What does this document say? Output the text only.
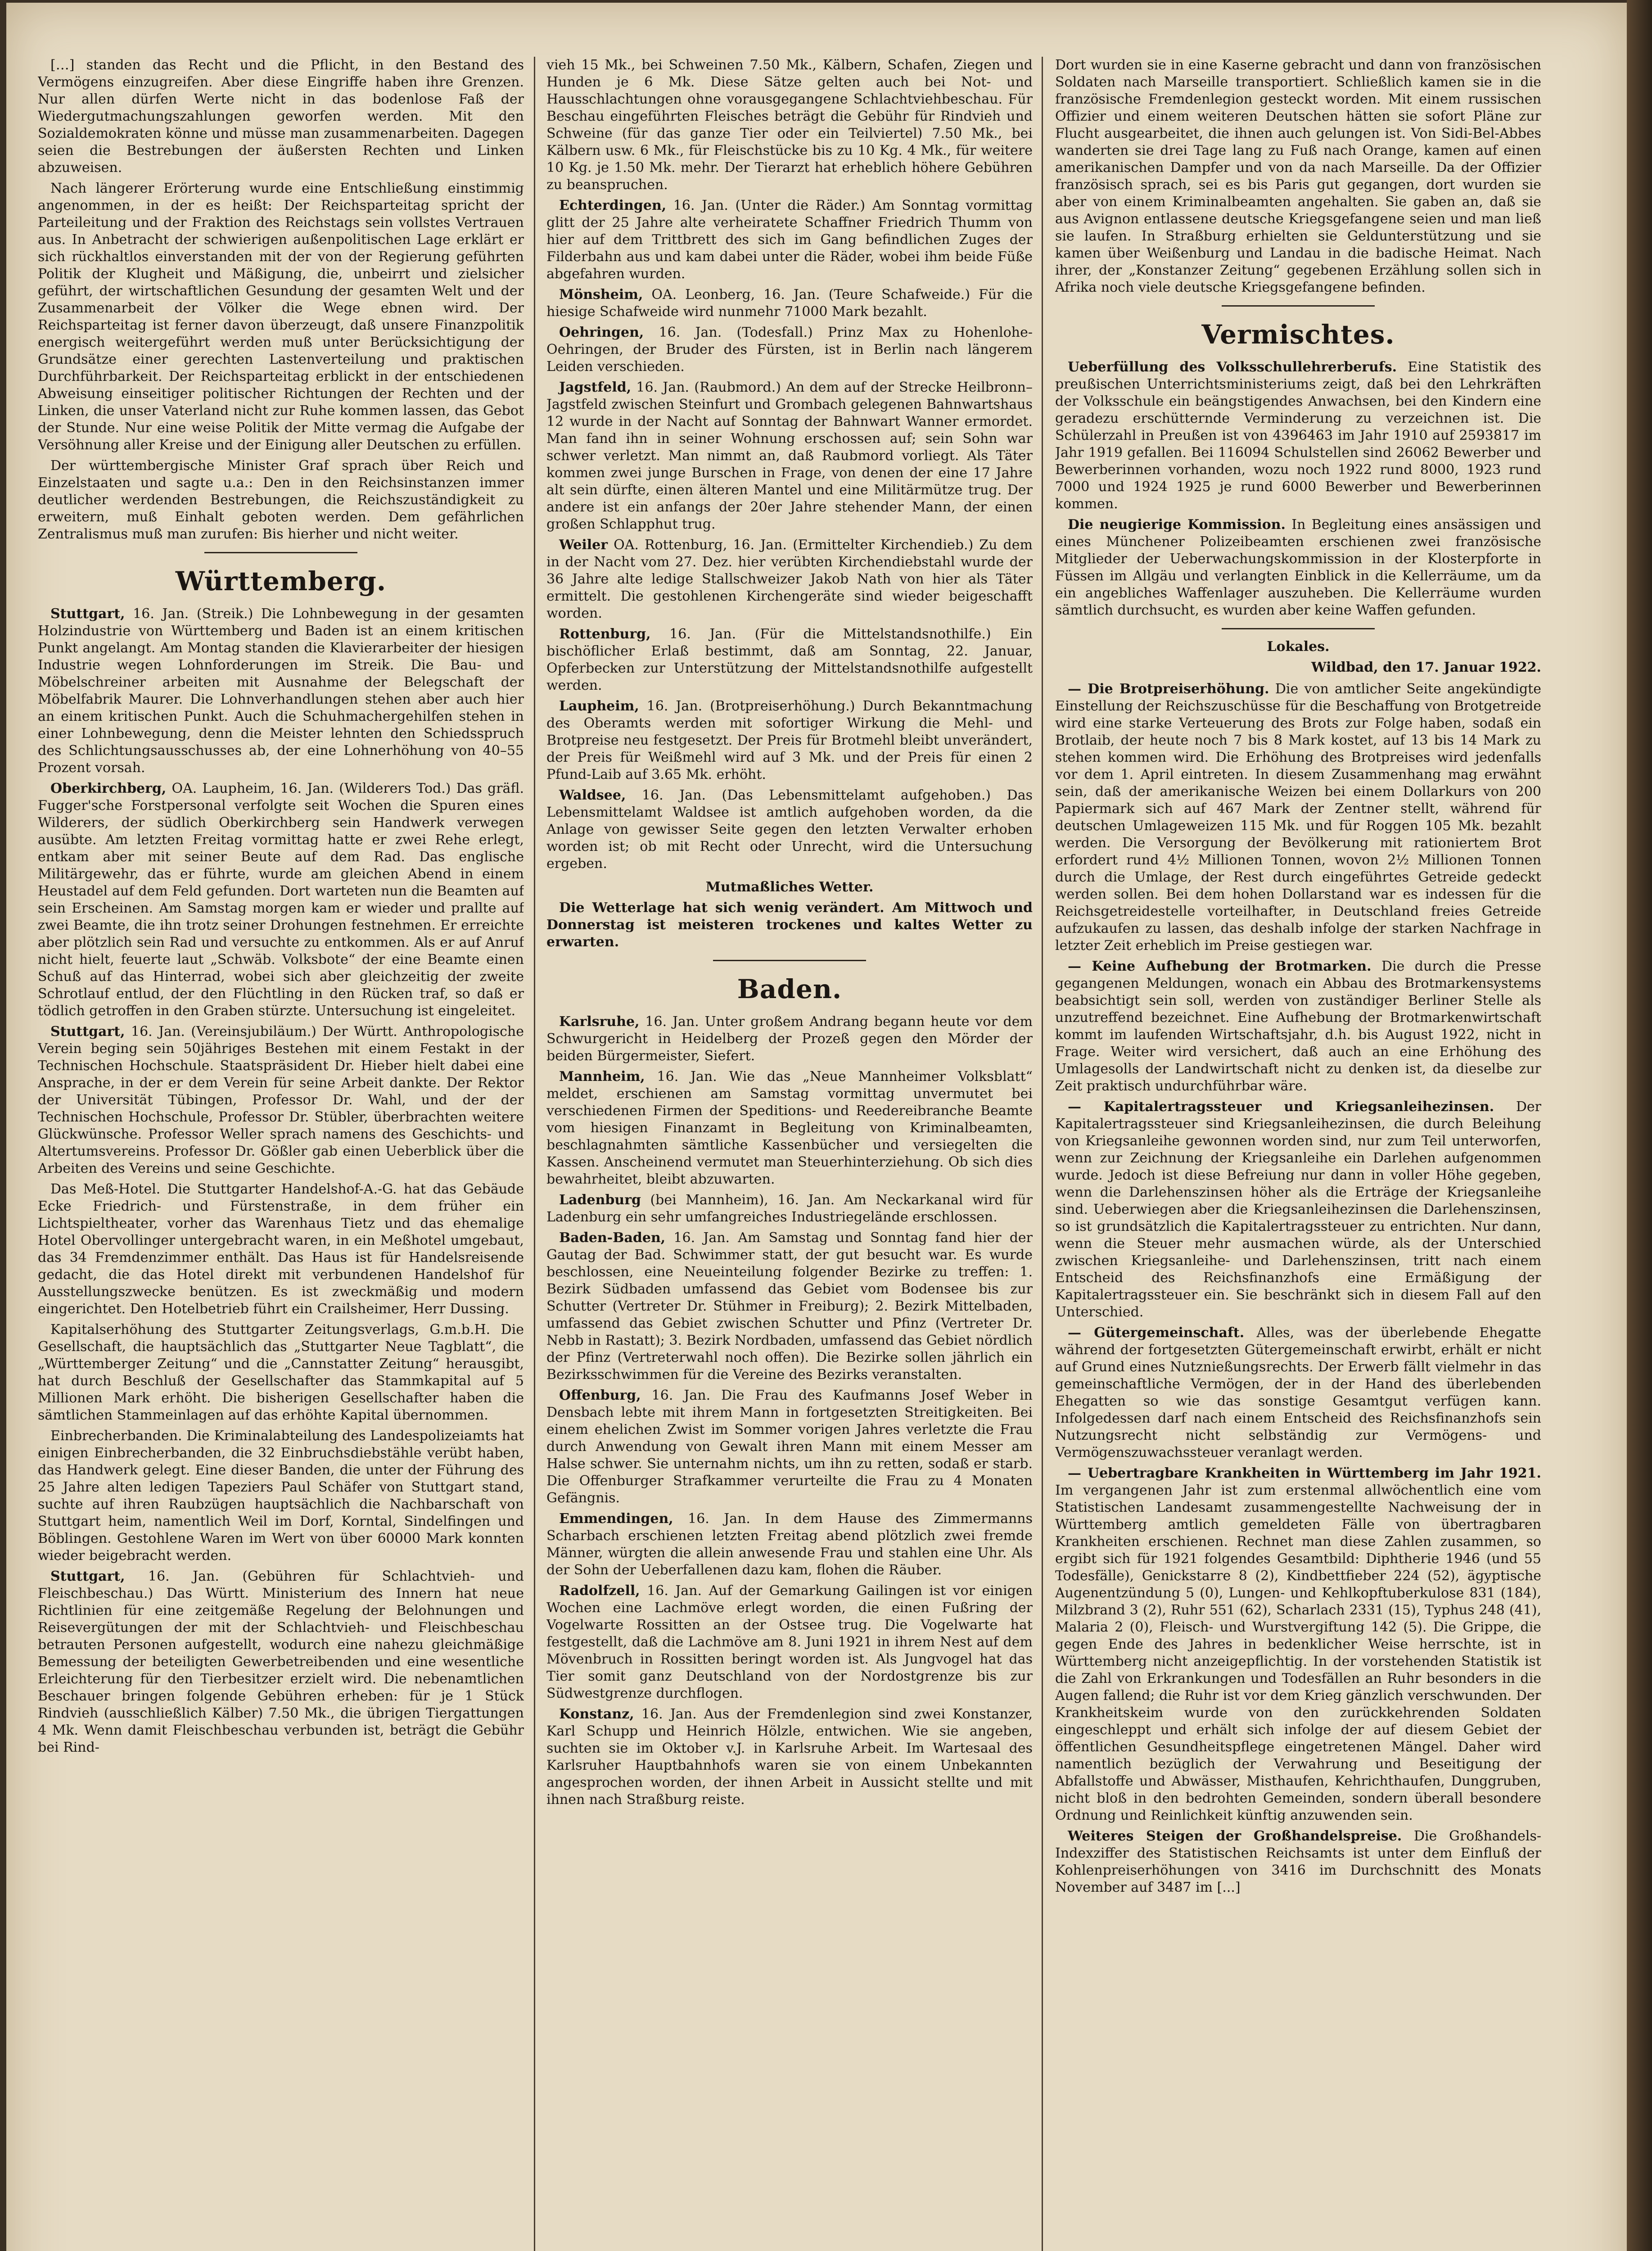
[…] standen das Recht und die Pflicht, in den Bestand des Vermögens einzugreifen. Aber diese Eingriffe haben ihre Grenzen. Nur allen dürfen Werte nicht in das bodenlose Faß der Wiedergutmachungszahlungen geworfen werden. Mit den Sozialdemokraten könne und müsse man zusammenarbeiten. Dagegen seien die Bestrebungen der äußersten Rechten und Linken abzuweisen.

Nach längerer Erörterung wurde eine Entschließung einstimmig angenommen, in der es heißt: Der Reichsparteitag spricht der Parteileitung und der Fraktion des Reichstags sein vollstes Vertrauen aus. In Anbetracht der schwierigen außenpolitischen Lage erklärt er sich rückhaltlos einverstanden mit der von der Regierung geführten Politik der Klugheit und Mäßigung, die, unbeirrt und zielsicher geführt, der wirtschaftlichen Gesundung der gesamten Welt und der Zusammenarbeit der Völker die Wege ebnen wird. Der Reichsparteitag ist ferner davon überzeugt, daß unsere Finanzpolitik energisch weitergeführt werden muß unter Berücksichtigung der Grundsätze einer gerechten Lastenverteilung und praktischen Durchführbarkeit. Der Reichsparteitag erblickt in der entschiedenen Abweisung einseitiger politischer Richtungen der Rechten und der Linken, die unser Vaterland nicht zur Ruhe kommen lassen, das Gebot der Stunde. Nur eine weise Politik der Mitte vermag die Aufgabe der Versöhnung aller Kreise und der Einigung aller Deutschen zu erfüllen.

Der württembergische Minister Graf sprach über Reich und Einzelstaaten und sagte u.a.: Den in den Reichsinstanzen immer deutlicher werdenden Bestrebungen, die Reichszuständigkeit zu erweitern, muß Einhalt geboten werden. Dem gefährlichen Zentralismus muß man zurufen: Bis hierher und nicht weiter.

Württemberg.

Stuttgart, 16. Jan. (Streik.) Die Lohnbewegung in der gesamten Holzindustrie von Württemberg und Baden ist an einem kritischen Punkt angelangt. Am Montag standen die Klavierarbeiter der hiesigen Industrie wegen Lohnforderungen im Streik. Die Bau- und Möbelschreiner arbeiten mit Ausnahme der Belegschaft der Möbelfabrik Maurer. Die Lohnverhandlungen stehen aber auch hier an einem kritischen Punkt. Auch die Schuhmachergehilfen stehen in einer Lohnbewegung, denn die Meister lehnten den Schiedsspruch des Schlichtungsausschusses ab, der eine Lohnerhöhung von 40–55 Prozent vorsah.

Oberkirchberg, OA. Laupheim, 16. Jan. (Wilderers Tod.) Das gräfl. Fugger'sche Forstpersonal verfolgte seit Wochen die Spuren eines Wilderers, der südlich Oberkirchberg sein Handwerk verwegen ausübte. Am letzten Freitag vormittag hatte er zwei Rehe erlegt, entkam aber mit seiner Beute auf dem Rad. Das englische Militärgewehr, das er führte, wurde am gleichen Abend in einem Heustadel auf dem Feld gefunden. Dort warteten nun die Beamten auf sein Erscheinen. Am Samstag morgen kam er wieder und prallte auf zwei Beamte, die ihn trotz seiner Drohungen festnehmen. Er erreichte aber plötzlich sein Rad und versuchte zu entkommen. Als er auf Anruf nicht hielt, feuerte laut „Schwäb. Volksbote“ der eine Beamte einen Schuß auf das Hinterrad, wobei sich aber gleichzeitig der zweite Schrotlauf entlud, der den Flüchtling in den Rücken traf, so daß er tödlich getroffen in den Graben stürzte. Untersuchung ist eingeleitet.

Stuttgart, 16. Jan. (Vereinsjubiläum.) Der Württ. Anthropologische Verein beging sein 50jähriges Bestehen mit einem Festakt in der Technischen Hochschule. Staatspräsident Dr. Hieber hielt dabei eine Ansprache, in der er dem Verein für seine Arbeit dankte. Der Rektor der Universität Tübingen, Professor Dr. Wahl, und der der Technischen Hochschule, Professor Dr. Stübler, überbrachten weitere Glückwünsche. Professor Weller sprach namens des Geschichts- und Altertumsvereins. Professor Dr. Gößler gab einen Ueberblick über die Arbeiten des Vereins und seine Geschichte.

Das Meß-Hotel. Die Stuttgarter Handelshof-A.-G. hat das Gebäude Ecke Friedrich- und Fürstenstraße, in dem früher ein Lichtspieltheater, vorher das Warenhaus Tietz und das ehemalige Hotel Obervollinger untergebracht waren, in ein Meßhotel umgebaut, das 34 Fremdenzimmer enthält. Das Haus ist für Handelsreisende gedacht, die das Hotel direkt mit verbundenen Handelshof für Ausstellungszwecke benützen. Es ist zweckmäßig und modern eingerichtet. Den Hotelbetrieb führt ein Crailsheimer, Herr Dussing.

Kapitalserhöhung des Stuttgarter Zeitungsverlags, G.m.b.H. Die Gesellschaft, die hauptsächlich das „Stuttgarter Neue Tagblatt“, die „Württemberger Zeitung“ und die „Cannstatter Zeitung“ herausgibt, hat durch Beschluß der Gesellschafter das Stammkapital auf 5 Millionen Mark erhöht. Die bisherigen Gesellschafter haben die sämtlichen Stammeinlagen auf das erhöhte Kapital übernommen.

Einbrecherbanden. Die Kriminalabteilung des Landespolizeiamts hat einigen Einbrecherbanden, die 32 Einbruchsdiebstähle verübt haben, das Handwerk gelegt. Eine dieser Banden, die unter der Führung des 25 Jahre alten ledigen Tapeziers Paul Schäfer von Stuttgart stand, suchte auf ihren Raubzügen hauptsächlich die Nachbarschaft von Stuttgart heim, namentlich Weil im Dorf, Korntal, Sindelfingen und Böblingen. Gestohlene Waren im Wert von über 60000 Mark konnten wieder beigebracht werden.

Stuttgart, 16. Jan. (Gebühren für Schlachtvieh- und Fleischbeschau.) Das Württ. Ministerium des Innern hat neue Richtlinien für eine zeitgemäße Regelung der Belohnungen und Reisevergütungen der mit der Schlachtvieh- und Fleischbeschau betrauten Personen aufgestellt, wodurch eine nahezu gleichmäßige Bemessung der beteiligten Gewerbetreibenden und eine wesentliche Erleichterung für den Tierbesitzer erzielt wird. Die nebenamtlichen Beschauer bringen folgende Gebühren erheben: für je 1 Stück Rindvieh (ausschließlich Kälber) 7.50 Mk., die übrigen Tiergattungen 4 Mk. Wenn damit Fleischbeschau verbunden ist, beträgt die Gebühr bei Rind-

vieh 15 Mk., bei Schweinen 7.50 Mk., Kälbern, Schafen, Ziegen und Hunden je 6 Mk. Diese Sätze gelten auch bei Not- und Hausschlachtungen ohne vorausgegangene Schlachtviehbeschau. Für Beschau eingeführten Fleisches beträgt die Gebühr für Rindvieh und Schweine (für das ganze Tier oder ein Teilviertel) 7.50 Mk., bei Kälbern usw. 6 Mk., für Fleischstücke bis zu 10 Kg. 4 Mk., für weitere 10 Kg. je 1.50 Mk. mehr. Der Tierarzt hat erheblich höhere Gebühren zu beanspruchen.

Echterdingen, 16. Jan. (Unter die Räder.) Am Sonntag vormittag glitt der 25 Jahre alte verheiratete Schaffner Friedrich Thumm von hier auf dem Trittbrett des sich im Gang befindlichen Zuges der Filderbahn aus und kam dabei unter die Räder, wobei ihm beide Füße abgefahren wurden.

Mönsheim, OA. Leonberg, 16. Jan. (Teure Schafweide.) Für die hiesige Schafweide wird nunmehr 71000 Mark bezahlt.

Oehringen, 16. Jan. (Todesfall.) Prinz Max zu Hohenlohe-Oehringen, der Bruder des Fürsten, ist in Berlin nach längerem Leiden verschieden.

Jagstfeld, 16. Jan. (Raubmord.) An dem auf der Strecke Heilbronn–Jagstfeld zwischen Steinfurt und Grombach gelegenen Bahnwartshaus 12 wurde in der Nacht auf Sonntag der Bahnwart Wanner ermordet. Man fand ihn in seiner Wohnung erschossen auf; sein Sohn war schwer verletzt. Man nimmt an, daß Raubmord vorliegt. Als Täter kommen zwei junge Burschen in Frage, von denen der eine 17 Jahre alt sein dürfte, einen älteren Mantel und eine Militärmütze trug. Der andere ist ein anfangs der 20er Jahre stehender Mann, der einen großen Schlapphut trug.

Weiler OA. Rottenburg, 16. Jan. (Ermittelter Kirchendieb.) Zu dem in der Nacht vom 27. Dez. hier verübten Kirchendiebstahl wurde der 36 Jahre alte ledige Stallschweizer Jakob Nath von hier als Täter ermittelt. Die gestohlenen Kirchengeräte sind wieder beigeschafft worden.

Rottenburg, 16. Jan. (Für die Mittelstandsnothilfe.) Ein bischöflicher Erlaß bestimmt, daß am Sonntag, 22. Januar, Opferbecken zur Unterstützung der Mittelstandsnothilfe aufgestellt werden.

Laupheim, 16. Jan. (Brotpreiserhöhung.) Durch Bekanntmachung des Oberamts werden mit sofortiger Wirkung die Mehl- und Brotpreise neu festgesetzt. Der Preis für Brotmehl bleibt unverändert, der Preis für Weißmehl wird auf 3 Mk. und der Preis für einen 2 Pfund-Laib auf 3.65 Mk. erhöht.

Waldsee, 16. Jan. (Das Lebensmittelamt aufgehoben.) Das Lebensmittelamt Waldsee ist amtlich aufgehoben worden, da die Anlage von gewisser Seite gegen den letzten Verwalter erhoben worden ist; ob mit Recht oder Unrecht, wird die Untersuchung ergeben.

Mutmaßliches Wetter.

Die Wetterlage hat sich wenig verändert. Am Mittwoch und Donnerstag ist meisteren trockenes und kaltes Wetter zu erwarten.

Baden.

Karlsruhe, 16. Jan. Unter großem Andrang begann heute vor dem Schwurgericht in Heidelberg der Prozeß gegen den Mörder der beiden Bürgermeister, Siefert.

Mannheim, 16. Jan. Wie das „Neue Mannheimer Volksblatt“ meldet, erschienen am Samstag vormittag unvermutet bei verschiedenen Firmen der Speditions- und Reedereibranche Beamte vom hiesigen Finanzamt in Begleitung von Kriminalbeamten, beschlagnahmten sämtliche Kassenbücher und versiegelten die Kassen. Anscheinend vermutet man Steuerhinterziehung. Ob sich dies bewahrheitet, bleibt abzuwarten.

Ladenburg (bei Mannheim), 16. Jan. Am Neckarkanal wird für Ladenburg ein sehr umfangreiches Industriegelände erschlossen.

Baden-Baden, 16. Jan. Am Samstag und Sonntag fand hier der Gautag der Bad. Schwimmer statt, der gut besucht war. Es wurde beschlossen, eine Neueinteilung folgender Bezirke zu treffen: 1. Bezirk Südbaden umfassend das Gebiet vom Bodensee bis zur Schutter (Vertreter Dr. Stühmer in Freiburg); 2. Bezirk Mittelbaden, umfassend das Gebiet zwischen Schutter und Pfinz (Vertreter Dr. Nebb in Rastatt); 3. Bezirk Nordbaden, umfassend das Gebiet nördlich der Pfinz (Vertreterwahl noch offen). Die Bezirke sollen jährlich ein Bezirksschwimmen für die Vereine des Bezirks veranstalten.

Offenburg, 16. Jan. Die Frau des Kaufmanns Josef Weber in Densbach lebte mit ihrem Mann in fortgesetzten Streitigkeiten. Bei einem ehelichen Zwist im Sommer vorigen Jahres verletzte die Frau durch Anwendung von Gewalt ihren Mann mit einem Messer am Halse schwer. Sie unternahm nichts, um ihn zu retten, sodaß er starb. Die Offenburger Strafkammer verurteilte die Frau zu 4 Monaten Gefängnis.

Emmendingen, 16. Jan. In dem Hause des Zimmermanns Scharbach erschienen letzten Freitag abend plötzlich zwei fremde Männer, würgten die allein anwesende Frau und stahlen eine Uhr. Als der Sohn der Ueberfallenen dazu kam, flohen die Räuber.

Radolfzell, 16. Jan. Auf der Gemarkung Gailingen ist vor einigen Wochen eine Lachmöve erlegt worden, die einen Fußring der Vogelwarte Rossitten an der Ostsee trug. Die Vogelwarte hat festgestellt, daß die Lachmöve am 8. Juni 1921 in ihrem Nest auf dem Mövenbruch in Rossitten beringt worden ist. Als Jungvogel hat das Tier somit ganz Deutschland von der Nordostgrenze bis zur Südwestgrenze durchflogen.

Konstanz, 16. Jan. Aus der Fremdenlegion sind zwei Konstanzer, Karl Schupp und Heinrich Hölzle, entwichen. Wie sie angeben, suchten sie im Oktober v.J. in Karlsruhe Arbeit. Im Wartesaal des Karlsruher Hauptbahnhofs waren sie von einem Unbekannten angesprochen worden, der ihnen Arbeit in Aussicht stellte und mit ihnen nach Straßburg reiste.

Dort wurden sie in eine Kaserne gebracht und dann von französischen Soldaten nach Marseille transportiert. Schließlich kamen sie in die französische Fremdenlegion gesteckt worden. Mit einem russischen Offizier und einem weiteren Deutschen hätten sie sofort Pläne zur Flucht ausgearbeitet, die ihnen auch gelungen ist. Von Sidi-Bel-Abbes wanderten sie drei Tage lang zu Fuß nach Orange, kamen auf einen amerikanischen Dampfer und von da nach Marseille. Da der Offizier französisch sprach, sei es bis Paris gut gegangen, dort wurden sie aber von einem Kriminalbeamten angehalten. Sie gaben an, daß sie aus Avignon entlassene deutsche Kriegsgefangene seien und man ließ sie laufen. In Straßburg erhielten sie Geldunterstützung und sie kamen über Weißenburg und Landau in die badische Heimat. Nach ihrer, der „Konstanzer Zeitung“ gegebenen Erzählung sollen sich in Afrika noch viele deutsche Kriegsgefangene befinden.

Vermischtes.

Ueberfüllung des Volksschullehrerberufs. Eine Statistik des preußischen Unterrichtsministeriums zeigt, daß bei den Lehrkräften der Volksschule ein beängstigendes Anwachsen, bei den Kindern eine geradezu erschütternde Verminderung zu verzeichnen ist. Die Schülerzahl in Preußen ist von 4396463 im Jahr 1910 auf 2593817 im Jahr 1919 gefallen. Bei 116094 Schulstellen sind 26062 Bewerber und Bewerberinnen vorhanden, wozu noch 1922 rund 8000, 1923 rund 7000 und 1924 1925 je rund 6000 Bewerber und Bewerberinnen kommen.

Die neugierige Kommission. In Begleitung eines ansässigen und eines Münchener Polizeibeamten erschienen zwei französische Mitglieder der Ueberwachungskommission in der Klosterpforte in Füssen im Allgäu und verlangten Einblick in die Kellerräume, um da ein angebliches Waffenlager auszuheben. Die Kellerräume wurden sämtlich durchsucht, es wurden aber keine Waffen gefunden.

Lokales.
Wildbad, den 17. Januar 1922.

— Die Brotpreiserhöhung. Die von amtlicher Seite angekündigte Einstellung der Reichszuschüsse für die Beschaffung von Brotgetreide wird eine starke Verteuerung des Brots zur Folge haben, sodaß ein Brotlaib, der heute noch 7 bis 8 Mark kostet, auf 13 bis 14 Mark zu stehen kommen wird. Die Erhöhung des Brotpreises wird jedenfalls vor dem 1. April eintreten. In diesem Zusammenhang mag erwähnt sein, daß der amerikanische Weizen bei einem Dollarkurs von 200 Papiermark sich auf 467 Mark der Zentner stellt, während für deutschen Umlageweizen 115 Mk. und für Roggen 105 Mk. bezahlt werden. Die Versorgung der Bevölkerung mit rationiertem Brot erfordert rund 4½ Millionen Tonnen, wovon 2½ Millionen Tonnen durch die Umlage, der Rest durch eingeführtes Getreide gedeckt werden sollen. Bei dem hohen Dollarstand war es indessen für die Reichsgetreidestelle vorteilhafter, in Deutschland freies Getreide aufzukaufen zu lassen, das deshalb infolge der starken Nachfrage in letzter Zeit erheblich im Preise gestiegen war.

— Keine Aufhebung der Brotmarken. Die durch die Presse gegangenen Meldungen, wonach ein Abbau des Brotmarkensystems beabsichtigt sein soll, werden von zuständiger Berliner Stelle als unzutreffend bezeichnet. Eine Aufhebung der Brotmarkenwirtschaft kommt im laufenden Wirtschaftsjahr, d.h. bis August 1922, nicht in Frage. Weiter wird versichert, daß auch an eine Erhöhung des Umlagesolls der Landwirtschaft nicht zu denken ist, da dieselbe zur Zeit praktisch undurchführbar wäre.

— Kapitalertragssteuer und Kriegsanleihezinsen. Der Kapitalertragssteuer sind Kriegsanleihezinsen, die durch Beleihung von Kriegsanleihe gewonnen worden sind, nur zum Teil unterworfen, wenn zur Zeichnung der Kriegsanleihe ein Darlehen aufgenommen wurde. Jedoch ist diese Befreiung nur dann in voller Höhe gegeben, wenn die Darlehenszinsen höher als die Erträge der Kriegsanleihe sind. Ueberwiegen aber die Kriegsanleihezinsen die Darlehenszinsen, so ist grundsätzlich die Kapitalertragssteuer zu entrichten. Nur dann, wenn die Steuer mehr ausmachen würde, als der Unterschied zwischen Kriegsanleihe- und Darlehenszinsen, tritt nach einem Entscheid des Reichsfinanzhofs eine Ermäßigung der Kapitalertragssteuer ein. Sie beschränkt sich in diesem Fall auf den Unterschied.

— Gütergemeinschaft. Alles, was der überlebende Ehegatte während der fortgesetzten Gütergemeinschaft erwirbt, erhält er nicht auf Grund eines Nutznießungsrechts. Der Erwerb fällt vielmehr in das gemeinschaftliche Vermögen, der in der Hand des überlebenden Ehegatten so wie das sonstige Gesamtgut verfügen kann. Infolgedessen darf nach einem Entscheid des Reichsfinanzhofs sein Nutzungsrecht nicht selbständig zur Vermögens- und Vermögenszuwachssteuer veranlagt werden.

— Uebertragbare Krankheiten in Württemberg im Jahr 1921. Im vergangenen Jahr ist zum erstenmal allwöchentlich eine vom Statistischen Landesamt zusammengestellte Nachweisung der in Württemberg amtlich gemeldeten Fälle von übertragbaren Krankheiten erschienen. Rechnet man diese Zahlen zusammen, so ergibt sich für 1921 folgendes Gesamtbild: Diphtherie 1946 (und 55 Todesfälle), Genickstarre 8 (2), Kindbettfieber 224 (52), ägyptische Augenentzündung 5 (0), Lungen- und Kehlkopftuberkulose 831 (184), Milzbrand 3 (2), Ruhr 551 (62), Scharlach 2331 (15), Typhus 248 (41), Malaria 2 (0), Fleisch- und Wurstvergiftung 142 (5). Die Grippe, die gegen Ende des Jahres in bedenklicher Weise herrschte, ist in Württemberg nicht anzeigepflichtig. In der vorstehenden Statistik ist die Zahl von Erkrankungen und Todesfällen an Ruhr besonders in die Augen fallend; die Ruhr ist vor dem Krieg gänzlich verschwunden. Der Krankheitskeim wurde von den zurückkehrenden Soldaten eingeschleppt und erhält sich infolge der auf diesem Gebiet der öffentlichen Gesundheitspflege eingetretenen Mängel. Daher wird namentlich bezüglich der Verwahrung und Beseitigung der Abfallstoffe und Abwässer, Misthaufen, Kehrichthaufen, Dunggruben, nicht bloß in den bedrohten Gemeinden, sondern überall besondere Ordnung und Reinlichkeit künftig anzuwenden sein.

Weiteres Steigen der Großhandelspreise. Die Großhandels-Indexziffer des Statistischen Reichsamts ist unter dem Einfluß der Kohlenpreiserhöhungen von 3416 im Durchschnitt des Monats November auf 3487 im [...]
